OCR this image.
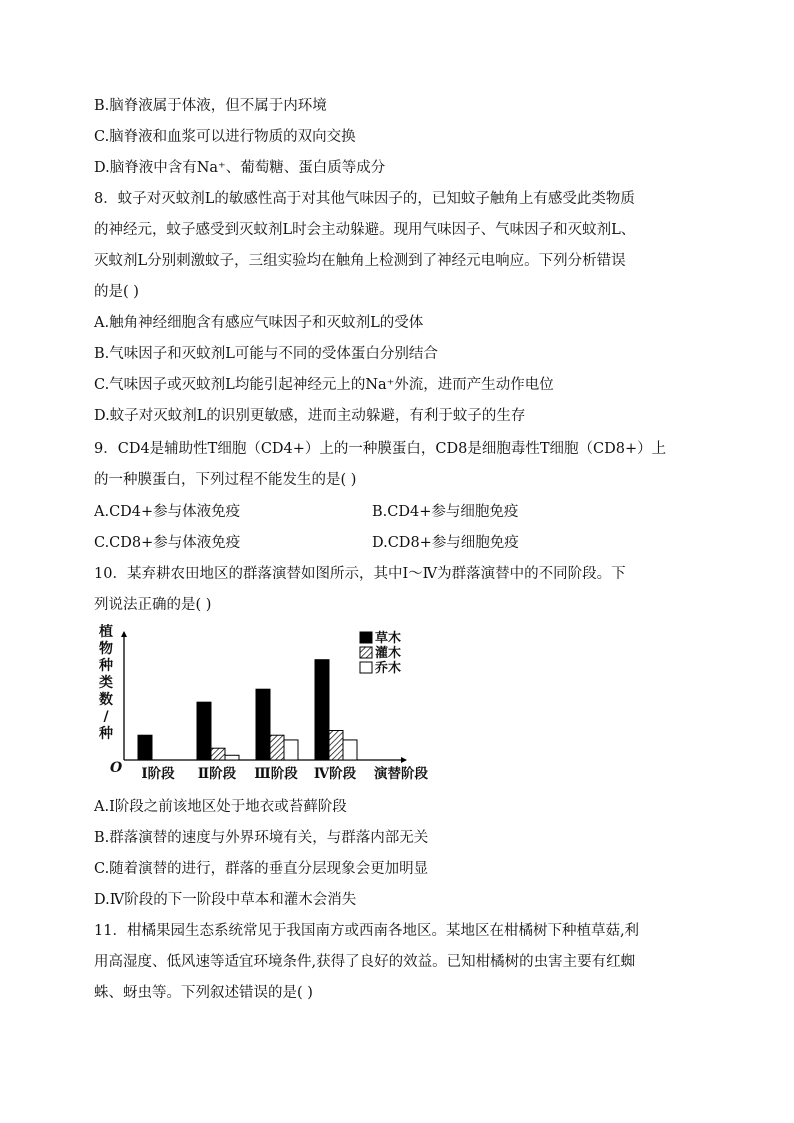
B.脑脊液属于体液，但不属于内环境
C.脑脊液和血浆可以进行物质的双向交换
D.脑脊液中含有Na⁺、葡萄糖、蛋白质等成分
8．蚊子对灭蚊剂L的敏感性高于对其他气味因子的，已知蚊子触角上有感受此类物质
的神经元，蚊子感受到灭蚊剂L时会主动躲避。现用气味因子、气味因子和灭蚊剂L、
灭蚊剂L分别刺激蚊子，三组实验均在触角上检测到了神经元电响应。下列分析错误
的是( )
A.触角神经细胞含有感应气味因子和灭蚊剂L的受体
B.气味因子和灭蚊剂L可能与不同的受体蛋白分别结合
C.气味因子或灭蚊剂L均能引起神经元上的Na⁺外流，进而产生动作电位
D.蚊子对灭蚊剂L的识别更敏感，进而主动躲避，有利于蚊子的生存
9．CD4是辅助性T细胞（CD4+）上的一种膜蛋白，CD8是细胞毒性T细胞（CD8+）上
的一种膜蛋白，下列过程不能发生的是( )
A.CD4+参与体液免疫	B.CD4+参与细胞免疫
C.CD8+参与体液免疫	D.CD8+参与细胞免疫
10．某弃耕农田地区的群落演替如图所示，其中Ⅰ～Ⅳ为群落演替中的不同阶段。下
列说法正确的是( )
植
物
种
类
数
/
种
O Ⅰ阶段 Ⅱ阶段 Ⅲ阶段 Ⅳ阶段 演替阶段
草木
灌木
乔木
A.Ⅰ阶段之前该地区处于地衣或苔藓阶段
B.群落演替的速度与外界环境有关，与群落内部无关
C.随着演替的进行，群落的垂直分层现象会更加明显
D.Ⅳ阶段的下一阶段中草本和灌木会消失
11．柑橘果园生态系统常见于我国南方或西南各地区。某地区在柑橘树下种植草菇,利
用高湿度、低风速等适宜环境条件,获得了良好的效益。已知柑橘树的虫害主要有红蜘
蛛、蚜虫等。下列叙述错误的是( )
